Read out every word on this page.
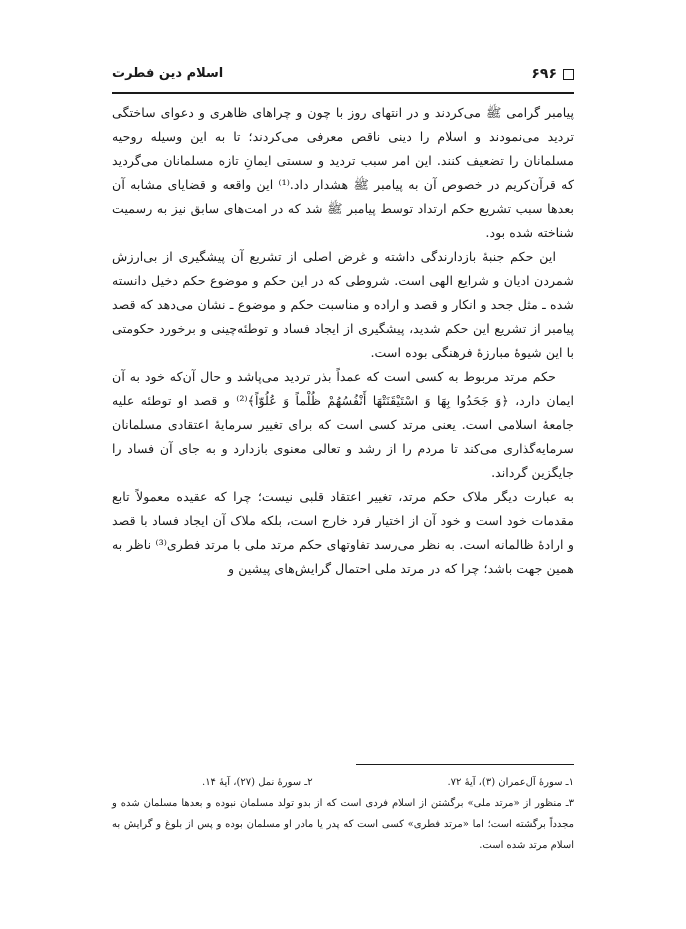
۶۹۶
اسلام دین فطرت

پیامبر گرامی ﷺ می‌کردند و در انتهای روز با چون و چراهای ظاهری و دعوای ساختگی تردید می‌نمودند و اسلام را دینی ناقص معرفی می‌کردند؛ تا به این وسیله روحیه مسلمانان را تضعیف کنند. این امر سبب تردید و سستی ایمانِ تازه مسلمانان می‌گردید که قرآن‌کریم در خصوص آن به پیامبر ﷺ هشدار داد.⁽¹⁾ این واقعه و قضایای مشابه آن بعدها سبب تشریع حکم ارتداد توسط پیامبر ﷺ شد که در امت‌های سابق نیز به رسمیت شناخته شده بود.

این حکم جنبهٔ بازدارندگی داشته و غرض اصلی از تشریع آن پیشگیری از بی‌ارزش شمردن ادیان و شرایع الهی است. شروطی که در این حکم و موضوع حکم دخیل دانسته شده ـ مثل جحد و انکار و قصد و اراده و مناسبت حکم و موضوع ـ نشان می‌دهد که قصد پیامبر از تشریع این حکم شدید، پیشگیری از ایجاد فساد و توطئه‌چینی و برخورد حکومتی با این شیوهٔ مبارزهٔ فرهنگی بوده است.

حکم مرتد مربوط به کسی است که عمداً بذر تردید می‌پاشد و حال آن‌که خود به آن ایمان دارد، ﴿وَ جَحَدُوا بِهَا وَ اسْتَيْقَنَتْهَا أَنْفُسُهُمْ ظُلْماً وَ عُلُوّاً﴾⁽²⁾ و قصد او توطئه علیه جامعهٔ اسلامی است. یعنی مرتد کسی است که برای تغییر سرمایهٔ اعتقادی مسلمانان سرمایه‌گذاری می‌کند تا مردم را از رشد و تعالی معنوی بازدارد و به جای آن فساد را جایگزین گرداند.

به عبارت دیگر ملاک حکم مرتد، تغییر اعتقاد قلبی نیست؛ چرا که عقیده معمولاً تابع مقدمات خود است و خود آن از اختیار فرد خارج است، بلکه ملاک آن ایجاد فساد با قصد و ارادهٔ ظالمانه است. به نظر می‌رسد تفاوتهای حکم مرتد ملی با مرتد فطری⁽³⁾ ناظر به همین جهت باشد؛ چرا که در مرتد ملی احتمال گرایش‌های پیشین و

۱ـ سورهٔ آل‌عمران (۳)، آیهٔ ۷۲.
۲ـ سورهٔ نمل (۲۷)، آیهٔ ۱۴.

۳ـ منظور از «مرتد ملی» برگشتن از اسلام فردی است که از بدو تولد مسلمان نبوده و بعدها مسلمان شده و مجدداً برگشته است؛ اما «مرتد فطری» کسی است که پدر یا مادر او مسلمان بوده و پس از بلوغ و گرایش به اسلام مرتد شده است.
